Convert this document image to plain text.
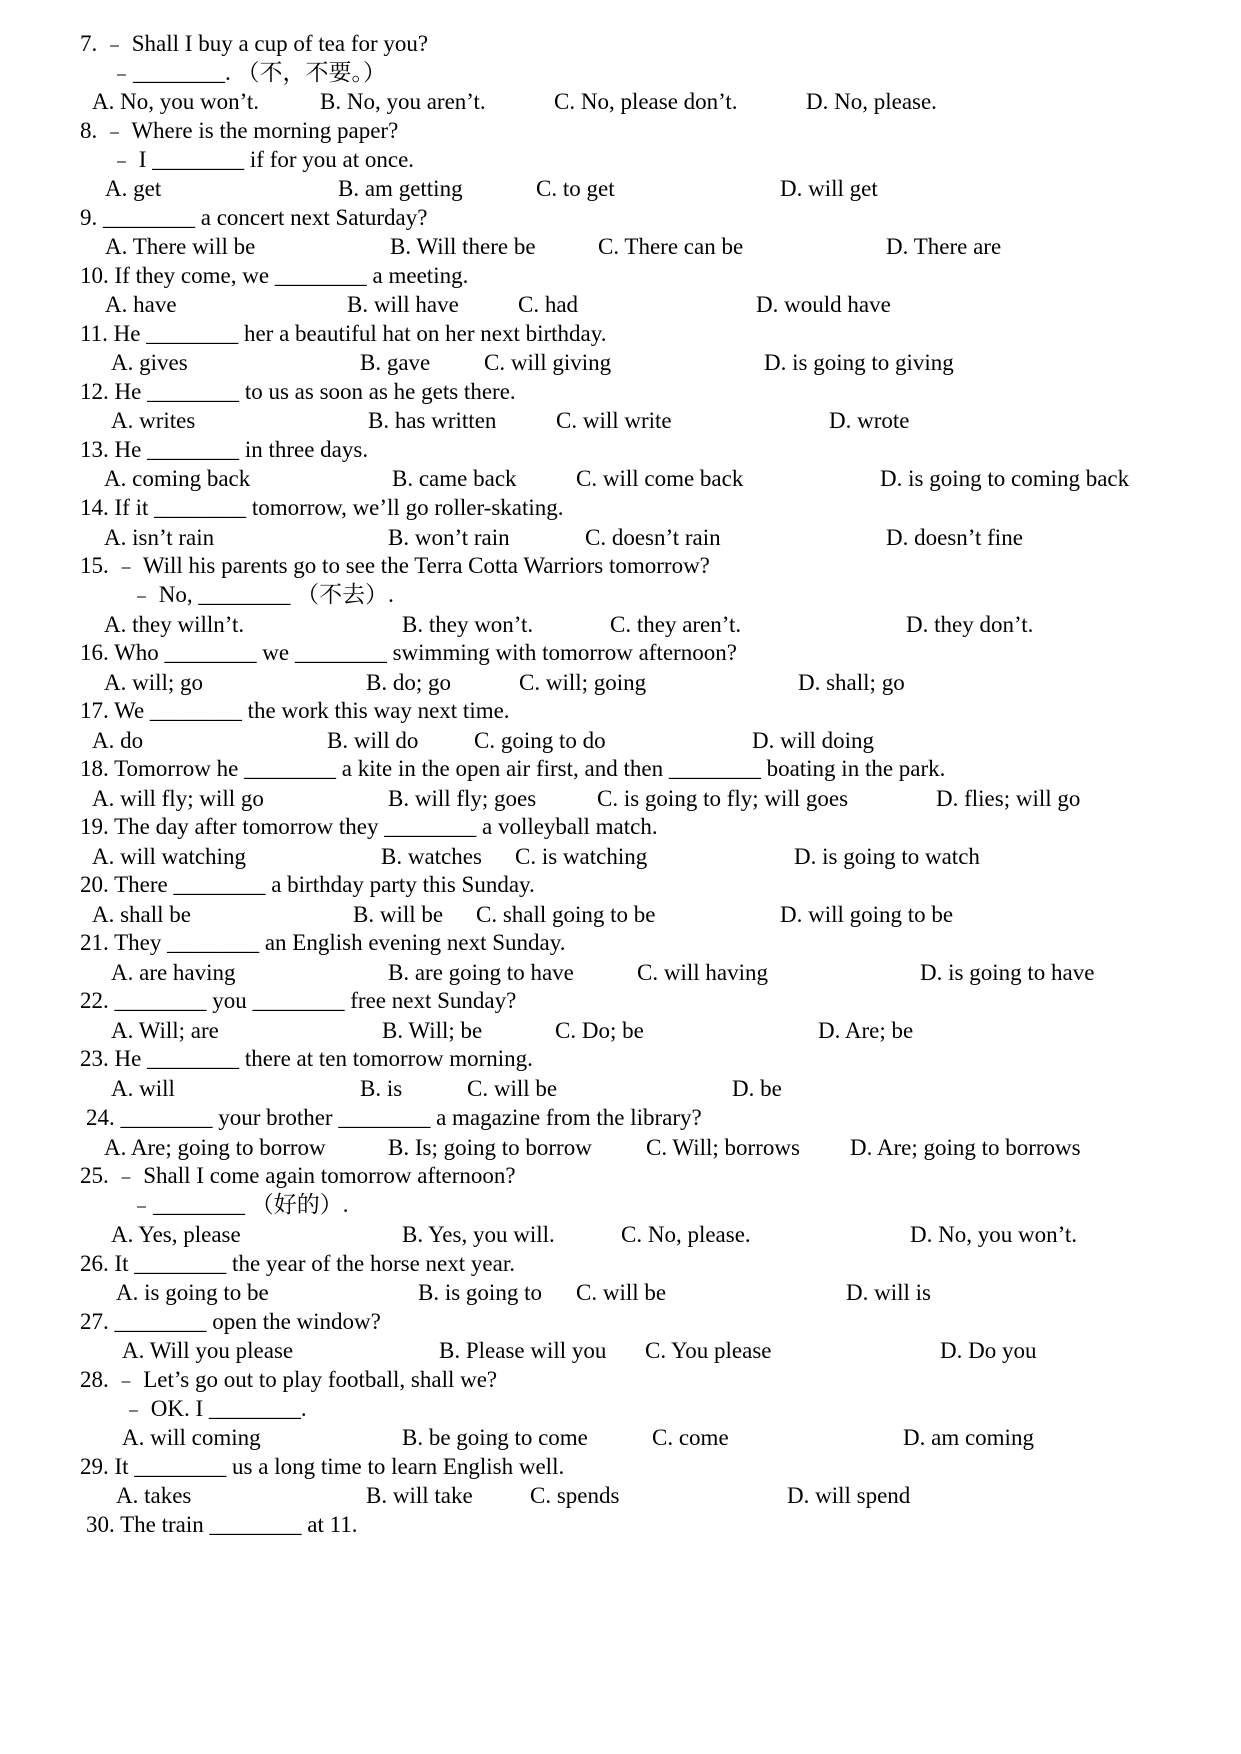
7. ﹣ Shall I buy a cup of tea for you?
﹣________. （不，不要。）
A. No, you won’t.	B. No, you aren’t.	C. No, please don’t.	D. No, please.
8. ﹣ Where is the morning paper?
﹣ I ________ if for you at once.
A. get	B. am getting	C. to get	D. will get
9. ________ a concert next Saturday?
A. There will be	B. Will there be	C. There can be	D. There are
10. If they come, we ________ a meeting.
A. have	B. will have	C. had	D. would have
11. He ________ her a beautiful hat on her next birthday.
A. gives	B. gave C. will giving	D. is going to giving
12. He ________ to us as soon as he gets there.
A. writes	B. has written	C. will write	D. wrote
13. He ________ in three days.
A. coming back	B. came back	C. will come back	D. is going to coming back
14. If it ________ tomorrow, we’ll go roller-skating.
A. isn’t rain	B. won’t rain	C. doesn’t rain	D. doesn’t fine
15. ﹣ Will his parents go to see the Terra Cotta Warriors tomorrow?
﹣ No, ________ （不去）.
A. they willn’t.	B. they won’t.	C. they aren’t.	D. they don’t.
16. Who ________ we ________ swimming with tomorrow afternoon?
A. will; go	B. do; go	C. will; going	D. shall; go
17. We ________ the work this way next time.
A. do	B. will do C. going to do	D. will doing
18. Tomorrow he ________ a kite in the open air first, and then ________ boating in the park.
A. will fly; will go	B. will fly; goes	C. is going to fly; will goes	D. flies; will go
19. The day after tomorrow they ________ a volleyball match.
A. will watching	B. watches C. is watching	D. is going to watch
20. There ________ a birthday party this Sunday.
A. shall be	B. will be C. shall going to be	D. will going to be
21. They ________ an English evening next Sunday.
A. are having	B. are going to have	C. will having	D. is going to have
22. ________ you ________ free next Sunday?
A. Will; are	B. Will; be	C. Do; be	D. Are; be
23. He ________ there at ten tomorrow morning.
A. will	B. is	C. will be	D. be
24. ________ your brother ________ a magazine from the library?
A. Are; going to borrow	B. Is; going to borrow C. Will; borrows D. Are; going to borrows
25. ﹣ Shall I come again tomorrow afternoon?
﹣________ （好的）.
A. Yes, please	B. Yes, you will.	C. No, please.	D. No, you won’t.
26. It ________ the year of the horse next year.
A. is going to be	B. is going to C. will be	D. will is
27. ________ open the window?
A. Will you please	B. Please will you C. You please	D. Do you
28. ﹣ Let’s go out to play football, shall we?
﹣ OK. I ________.
A. will coming	B. be going to come	C. come	D. am coming
29. It ________ us a long time to learn English well.
A. takes	B. will take C. spends	D. will spend
30. The train ________ at 11.
